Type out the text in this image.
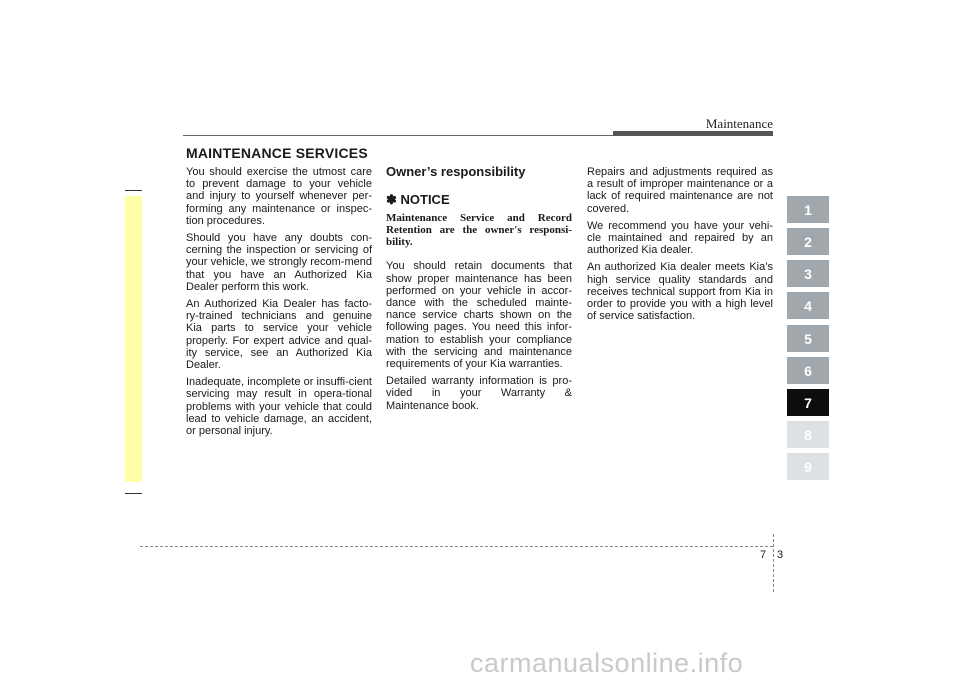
Maintenance
MAINTENANCE SERVICES

You should exercise the utmost care to prevent damage to your vehicle and injury to yourself whenever per-forming any maintenance or inspec-tion procedures.

Should you have any doubts con-cerning the inspection or servicing of your vehicle, we strongly recom-mend that you have an Authorized Kia Dealer perform this work.

An Authorized Kia Dealer has facto-ry-trained technicians and genuine Kia parts to service your vehicle properly. For expert advice and qual-ity service, see an Authorized Kia Dealer.

Inadequate, incomplete or insuffi-cient servicing may result in opera-tional problems with your vehicle that could lead to vehicle damage, an accident, or personal injury.

Owner’s responsibility

✽ NOTICE

Maintenance Service and Record Retention are the owner's responsi-bility.

You should retain documents that show proper maintenance has been performed on your vehicle in accor-dance with the scheduled mainte-nance service charts shown on the following pages. You need this infor-mation to establish your compliance with the servicing and maintenance requirements of your Kia warranties.

Detailed warranty information is pro-vided in your Warranty & Maintenance book.

Repairs and adjustments required as a result of improper maintenance or a lack of required maintenance are not covered.

We recommend you have your vehi-cle maintained and repaired by an authorized Kia dealer.

An authorized Kia dealer meets Kia’s high service quality standards and receives technical support from Kia in order to provide you with a high level of service satisfaction.

1
2
3
4
5
6
7
8
9
7 3
carmanualsonline.info
